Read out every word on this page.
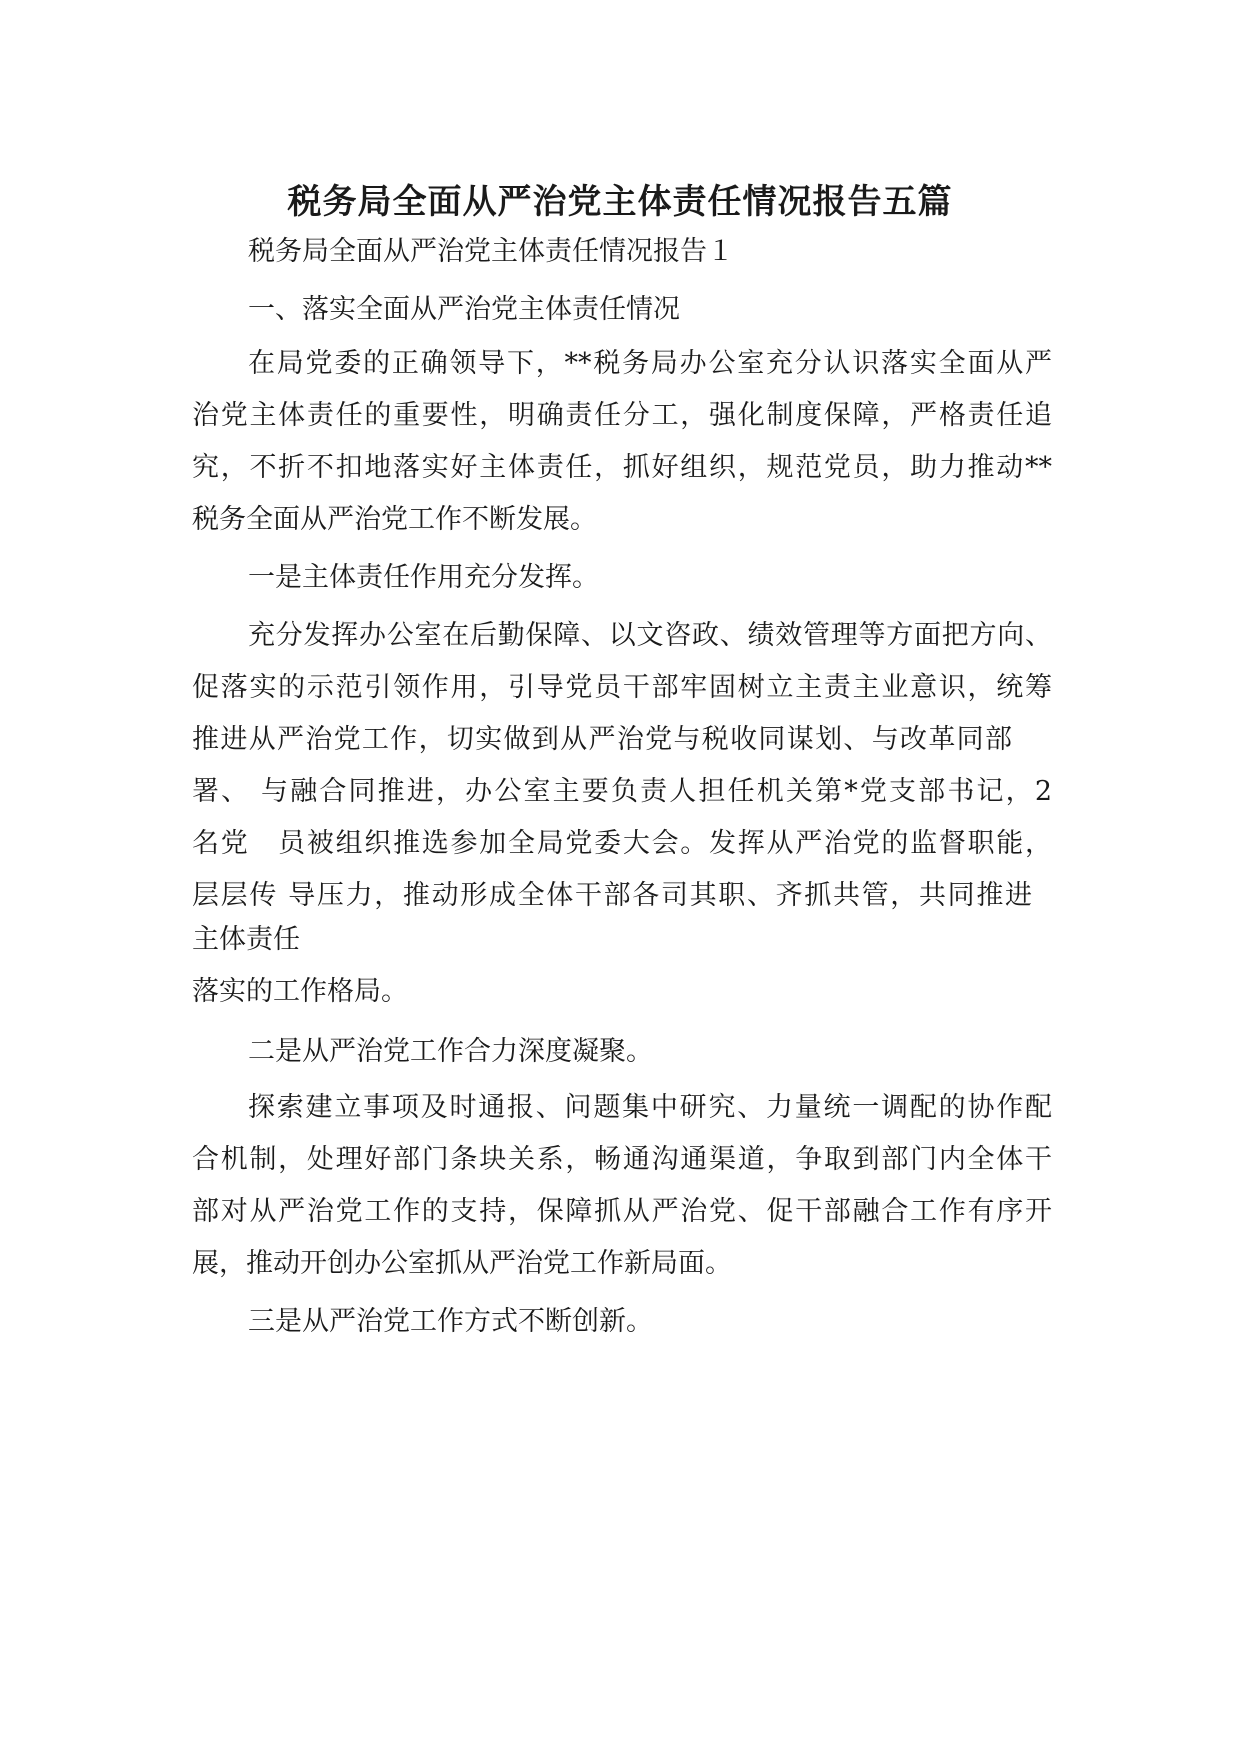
税务局全面从严治党主体责任情况报告五篇
税务局全面从严治党主体责任情况报告１
一、落实全面从严治党主体责任情况
在局党委的正确领导下，**税务局办公室充分认识落实全面从严
治党主体责任的重要性，明确责任分工，强化制度保障，严格责任追
究，不折不扣地落实好主体责任，抓好组织，规范党员，助力推动**
税务全面从严治党工作不断发展。
一是主体责任作用充分发挥。
充分发挥办公室在后勤保障、以文咨政、绩效管理等方面把方向、
促落实的示范引领作用，引导党员干部牢固树立主责主业意识，统筹
推进从严治党工作，切实做到从严治党与税收同谋划、与改革同部
署、 与融合同推进，办公室主要负责人担任机关第*党支部书记，2
名党　员被组织推选参加全局党委大会。发挥从严治党的监督职能，
层层传 导压力，推动形成全体干部各司其职、齐抓共管，共同推进
主体责任
落实的工作格局。
二是从严治党工作合力深度凝聚。
探索建立事项及时通报、问题集中研究、力量统一调配的协作配
合机制，处理好部门条块关系，畅通沟通渠道，争取到部门内全体干
部对从严治党工作的支持，保障抓从严治党、促干部融合工作有序开
展，推动开创办公室抓从严治党工作新局面。
三是从严治党工作方式不断创新。
